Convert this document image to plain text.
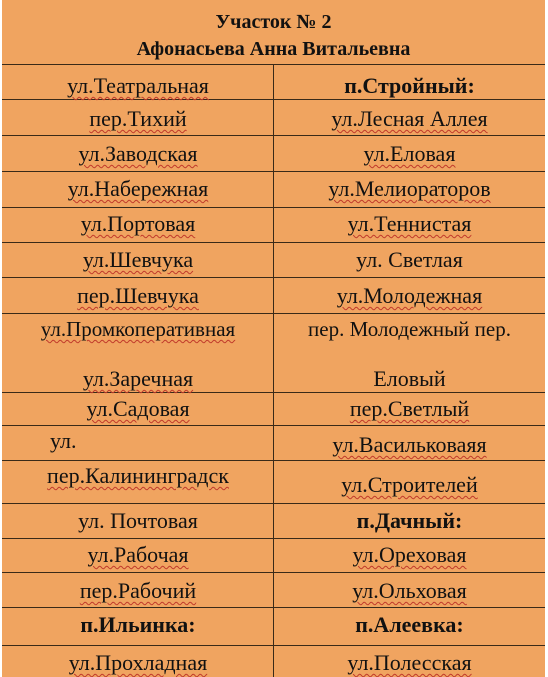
Участок № 2
Афонасьева Анна Витальевна
ул.Театральная	п.Стройный:
пер.Тихий	ул.Лесная Аллея
ул.Заводская	ул.Еловая
ул.Набережная	ул.Мелиораторов
ул.Портовая	ул.Теннистая
ул.Шевчука	ул. Светлая
пер.Шевчука	ул.Молодежная
ул.Промкоперативная	пер. Молодежный пер.
ул.Заречная	Еловый
ул.Садовая	пер.Светлый
ул.	ул.Васильковаяя
пер.Калининградск	ул.Строителей
ул. Почтовая	п.Дачный:
ул.Рабочая	ул.Ореховая
пер.Рабочий	ул.Ольховая
п.Ильинка:	п.Алеевка:
ул.Прохладная	ул.Полесская
